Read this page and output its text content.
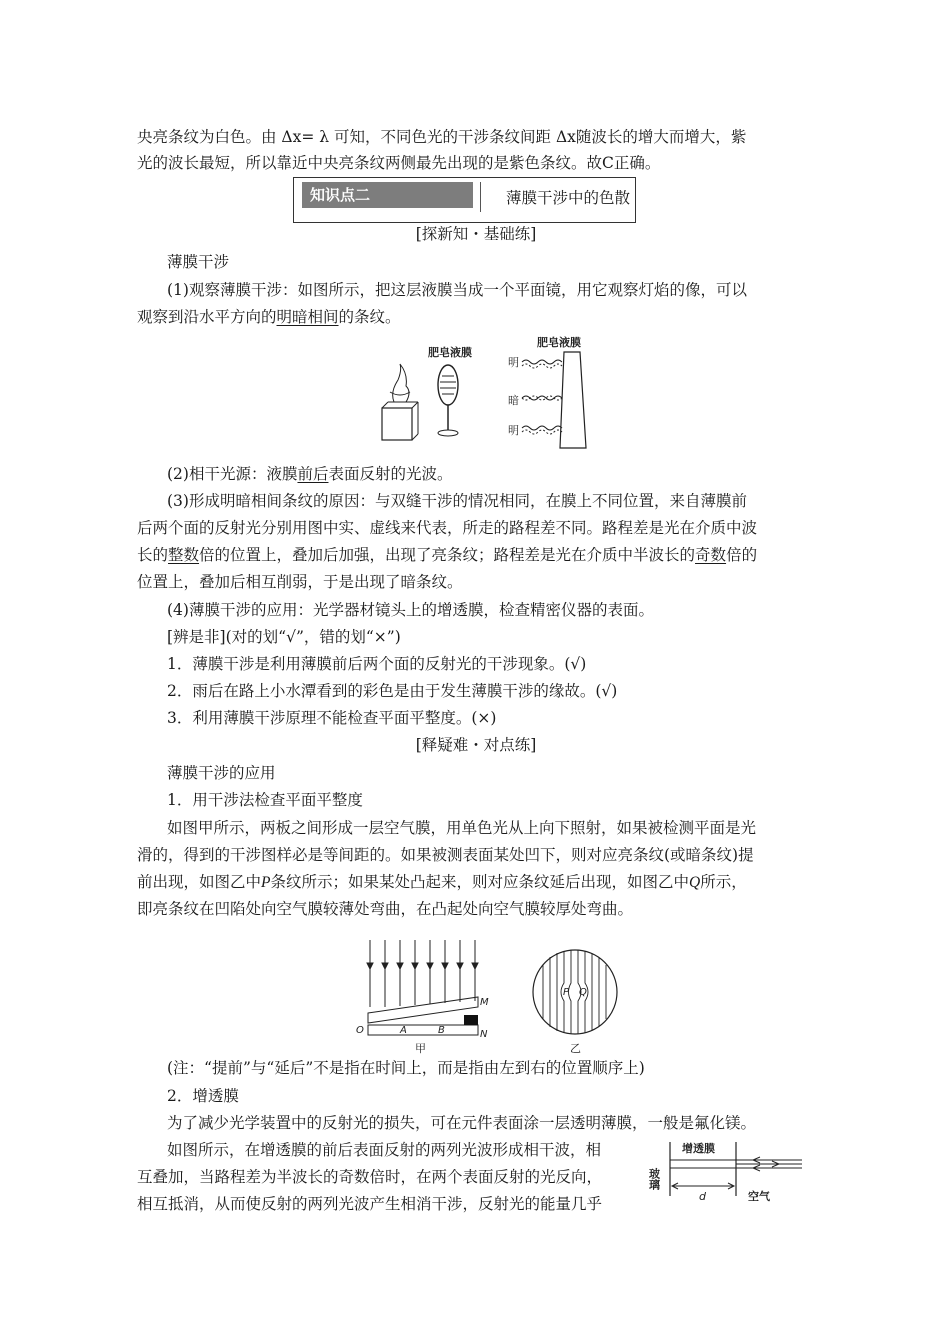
央亮条纹为白色。由 Δx= λ 可知，不同色光的干涉条纹间距 Δx随波长的增大而增大，紫
光的波长最短，所以靠近中央亮条纹两侧最先出现的是紫色条纹。故C正确。
知识点二	薄膜干涉中的色散
[探新知・基础练]
薄膜干涉
(1)观察薄膜干涉：如图所示，把这层液膜当成一个平面镜，用它观察灯焰的像，可以
观察到沿水平方向的明暗相间的条纹。
肥皂液膜
肥皂液膜
明
暗
明
(2)相干光源：液膜前后表面反射的光波。
(3)形成明暗相间条纹的原因：与双缝干涉的情况相同，在膜上不同位置，来自薄膜前
后两个面的反射光分别用图中实、虚线来代表，所走的路程差不同。路程差是光在介质中波
长的整数倍的位置上，叠加后加强，出现了亮条纹；路程差是光在介质中半波长的奇数倍的
位置上，叠加后相互削弱，于是出现了暗条纹。
(4)薄膜干涉的应用：光学器材镜头上的增透膜，检查精密仪器的表面。
[辨是非](对的划“√”，错的划“×”)
1．薄膜干涉是利用薄膜前后两个面的反射光的干涉现象。(√)
2．雨后在路上小水潭看到的彩色是由于发生薄膜干涉的缘故。(√)
3．利用薄膜干涉原理不能检查平面平整度。(×)
[释疑难・对点练]
薄膜干涉的应用
1．用干涉法检查平面平整度
如图甲所示，两板之间形成一层空气膜，用单色光从上向下照射，如果被检测平面是光
滑的，得到的干涉图样必是等间距的。如果被测表面某处凹下，则对应亮条纹(或暗条纹)提
前出现，如图乙中P条纹所示；如果某处凸起来，则对应条纹延后出现，如图乙中Q所示，
即亮条纹在凹陷处向空气膜较薄处弯曲，在凸起处向空气膜较厚处弯曲。
O	A	B
M
N
甲
P Q
乙
(注：“提前”与“延后”不是指在时间上，而是指由左到右的位置顺序上)
2．增透膜
为了减少光学装置中的反射光的损失，可在元件表面涂一层透明薄膜，一般是氟化镁。
如图所示，在增透膜的前后表面反射的两列光波形成相干波，相
互叠加，当路程差为半波长的奇数倍时，在两个表面反射的光反向，
相互抵消，从而使反射的两列光波产生相消干涉，反射光的能量几乎
玻璃
增透膜
d	空气
